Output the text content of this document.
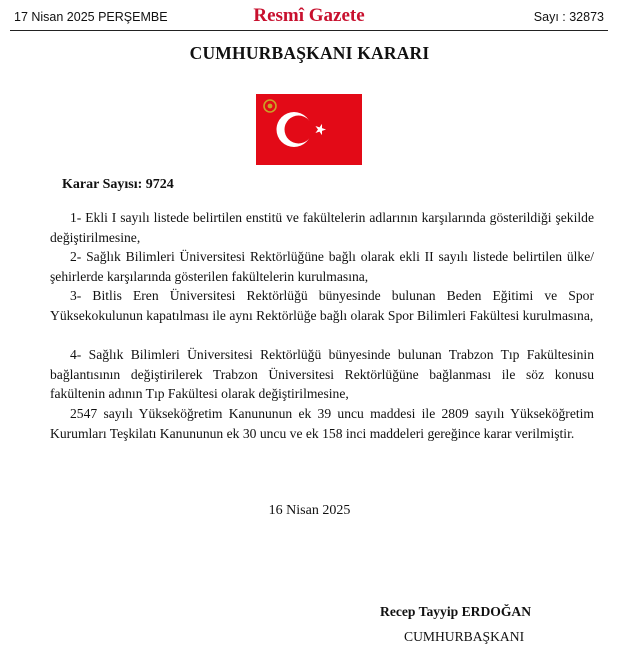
17 Nisan 2025 PERŞEMBE	Resmî Gazete	Sayı : 32873
CUMHURBAŞKANI KARARI
Karar Sayısı: 9724

1- Ekli I sayılı listede belirtilen enstitü ve fakültelerin adlarının karşılarında gösterildiği şekilde değiştirilmesine,

2- Sağlık Bilimleri Üniversitesi Rektörlüğüne bağlı olarak ekli II sayılı listede belirtilen ülke/şehirlerde karşılarında gösterilen fakültelerin kurulmasına,

3- Bitlis Eren Üniversitesi Rektörlüğü bünyesinde bulunan Beden Eğitimi ve Spor Yüksekokulunun kapatılması ile aynı Rektörlüğe bağlı olarak Spor Bilimleri Fakültesi kurulmasına,

4- Sağlık Bilimleri Üniversitesi Rektörlüğü bünyesinde bulunan Trabzon Tıp Fakültesinin bağlantısının değiştirilerek Trabzon Üniversitesi Rektörlüğüne bağlanması ile söz konusu fakültenin adının Tıp Fakültesi olarak değiştirilmesine,

2547 sayılı Yükseköğretim Kanununun ek 39 uncu maddesi ile 2809 sayılı Yükseköğretim Kurumları Teşkilatı Kanununun ek 30 uncu ve ek 158 inci maddeleri gereğince karar verilmiştir.

16 Nisan 2025
Recep Tayyip ERDOĞAN
CUMHURBAŞKANI
